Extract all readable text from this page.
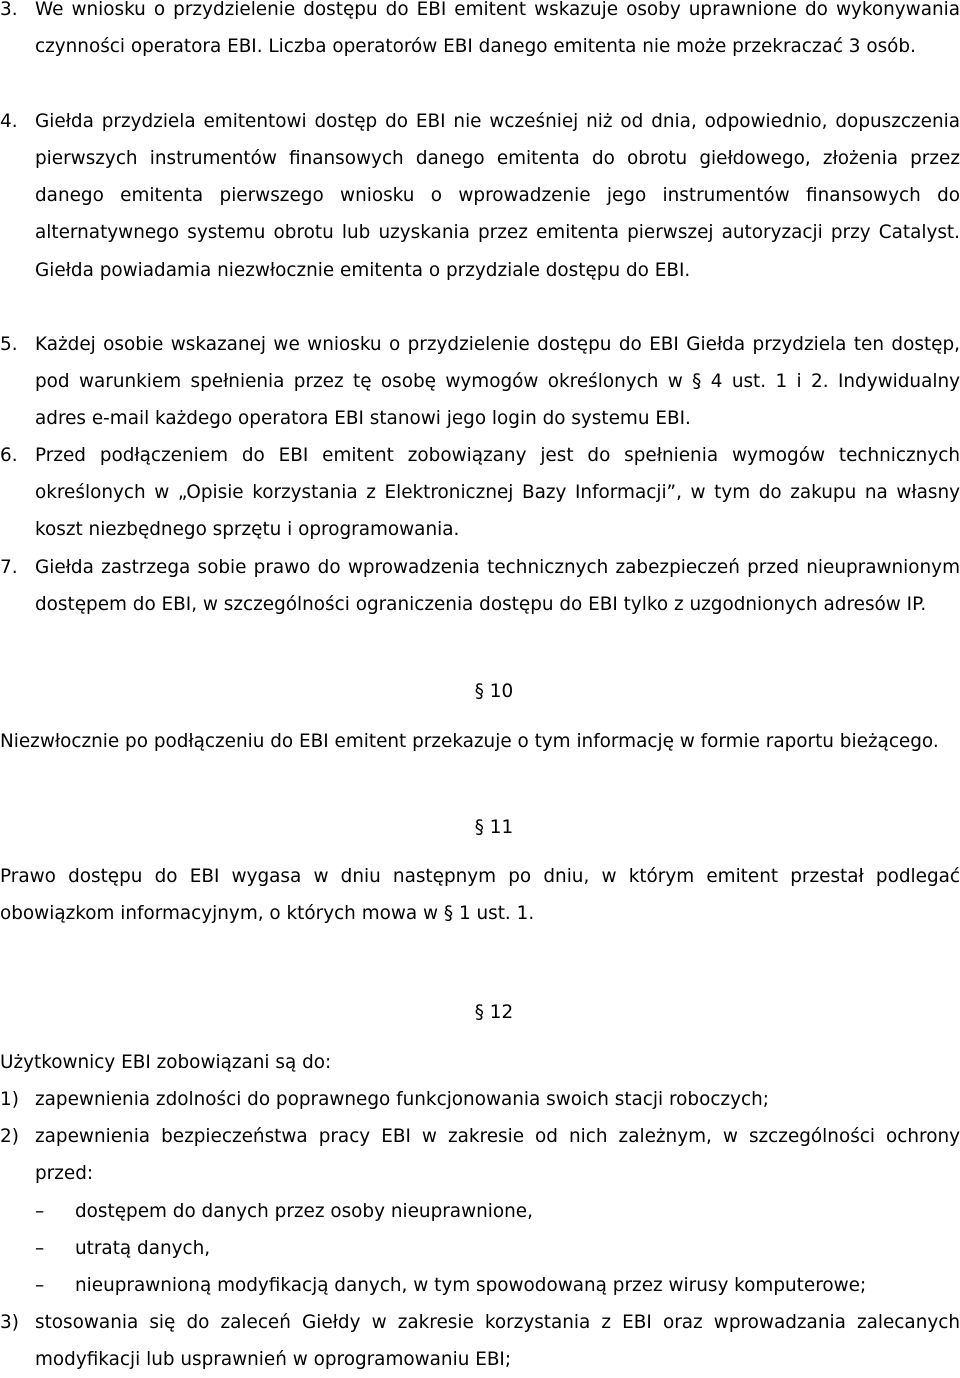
3. We wniosku o przydzielenie dostępu do EBI emitent wskazuje osoby uprawnione do wykonywania czynności operatora EBI. Liczba operatorów EBI danego emitenta nie może przekraczać 3 osób.
4. Giełda przydziela emitentowi dostęp do EBI nie wcześniej niż od dnia, odpowiednio, dopuszczenia pierwszych instrumentów finansowych danego emitenta do obrotu giełdowego, złożenia przez danego emitenta pierwszego wniosku o wprowadzenie jego instrumentów finansowych do alternatywnego systemu obrotu lub uzyskania przez emitenta pierwszej autoryzacji przy Catalyst. Giełda powiadamia niezwłocznie emitenta o przydziale dostępu do EBI.
5. Każdej osobie wskazanej we wniosku o przydzielenie dostępu do EBI Giełda przydziela ten dostęp, pod warunkiem spełnienia przez tę osobę wymogów określonych w § 4 ust. 1 i 2. Indywidualny adres e-mail każdego operatora EBI stanowi jego login do systemu EBI.
6. Przed podłączeniem do EBI emitent zobowiązany jest do spełnienia wymogów technicznych określonych w „Opisie korzystania z Elektronicznej Bazy Informacji”, w tym do zakupu na własny koszt niezbędnego sprzętu i oprogramowania.
7. Giełda zastrzega sobie prawo do wprowadzenia technicznych zabezpieczeń przed nieuprawnionym dostępem do EBI, w szczególności ograniczenia dostępu do EBI tylko z uzgodnionych adresów IP.
§ 10
Niezwłocznie po podłączeniu do EBI emitent przekazuje o tym informację w formie raportu bieżącego.
§ 11
Prawo dostępu do EBI wygasa w dniu następnym po dniu, w którym emitent przestał podlegać obowiązkom informacyjnym, o których mowa w § 1 ust. 1.
§ 12
Użytkownicy EBI zobowiązani są do:
1) zapewnienia zdolności do poprawnego funkcjonowania swoich stacji roboczych;
2) zapewnienia bezpieczeństwa pracy EBI w zakresie od nich zależnym, w szczególności ochrony przed:
– dostępem do danych przez osoby nieuprawnione,
– utratą danych,
– nieuprawnioną modyfikacją danych, w tym spowodowaną przez wirusy komputerowe;
3) stosowania się do zaleceń Giełdy w zakresie korzystania z EBI oraz wprowadzania zalecanych modyfikacji lub usprawnień w oprogramowaniu EBI;
